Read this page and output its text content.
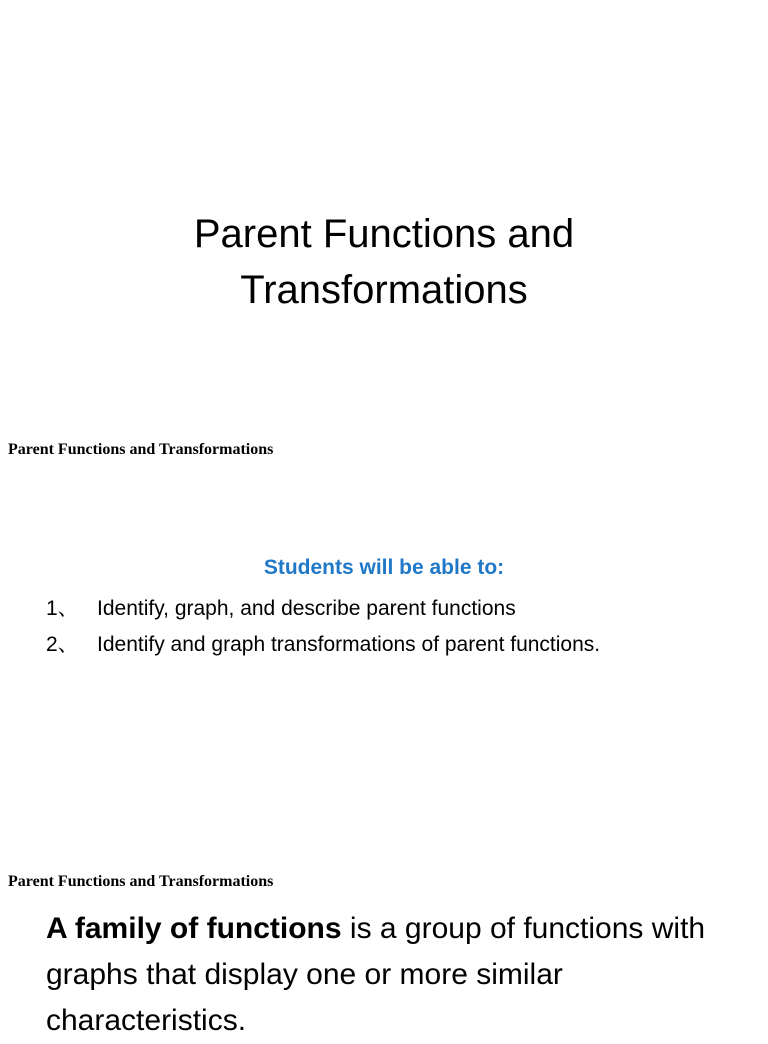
Parent Functions and
Transformations
Parent Functions and Transformations
Students will be able to:
1、 Identify, graph, and describe parent functions
2、 Identify and graph transformations of parent functions.
Parent Functions and Transformations

A family of functions is a group of functions with graphs that display one or more similar characteristics.
